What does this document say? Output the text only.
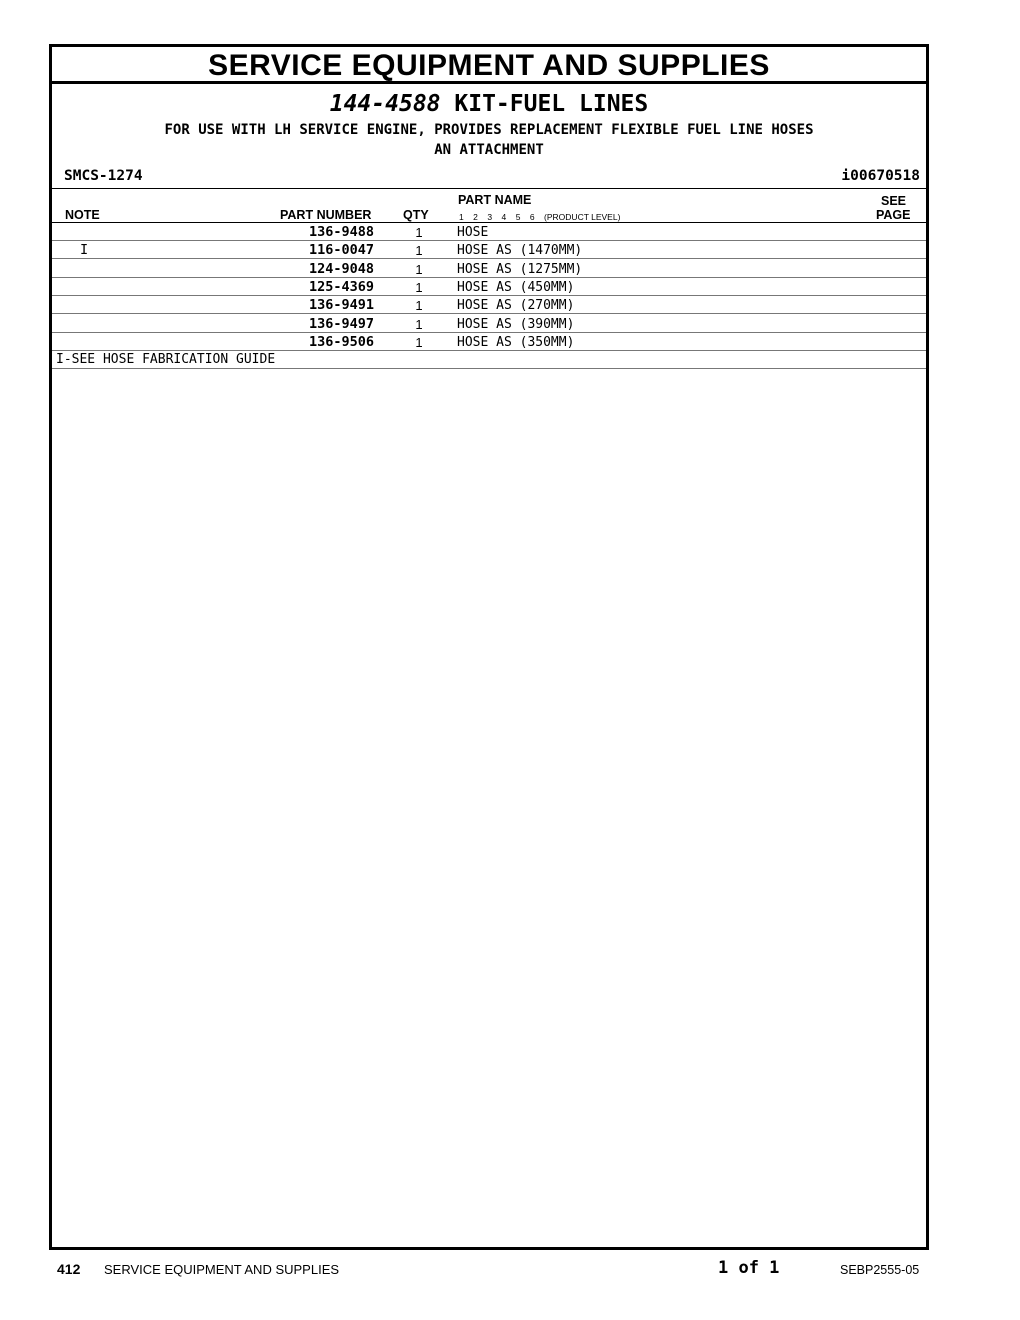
SERVICE EQUIPMENT AND SUPPLIES
144-4588 KIT-FUEL LINES
FOR USE WITH LH SERVICE ENGINE, PROVIDES REPLACEMENT FLEXIBLE FUEL LINE HOSES
AN ATTACHMENT
SMCS-1274	i00670518
PART NAME	SEE
NOTE	PART NUMBER	QTY	1    2    3    4    5    6    (PRODUCT LEVEL)	PAGE
136-9488	1	HOSE
I	116-0047	1	HOSE AS (1470MM)
124-9048	1	HOSE AS (1275MM)
125-4369	1	HOSE AS (450MM)
136-9491	1	HOSE AS (270MM)
136-9497	1	HOSE AS (390MM)
136-9506	1	HOSE AS (350MM)
I-SEE HOSE FABRICATION GUIDE
412 SERVICE EQUIPMENT AND SUPPLIES	1 of 1	SEBP2555-05
